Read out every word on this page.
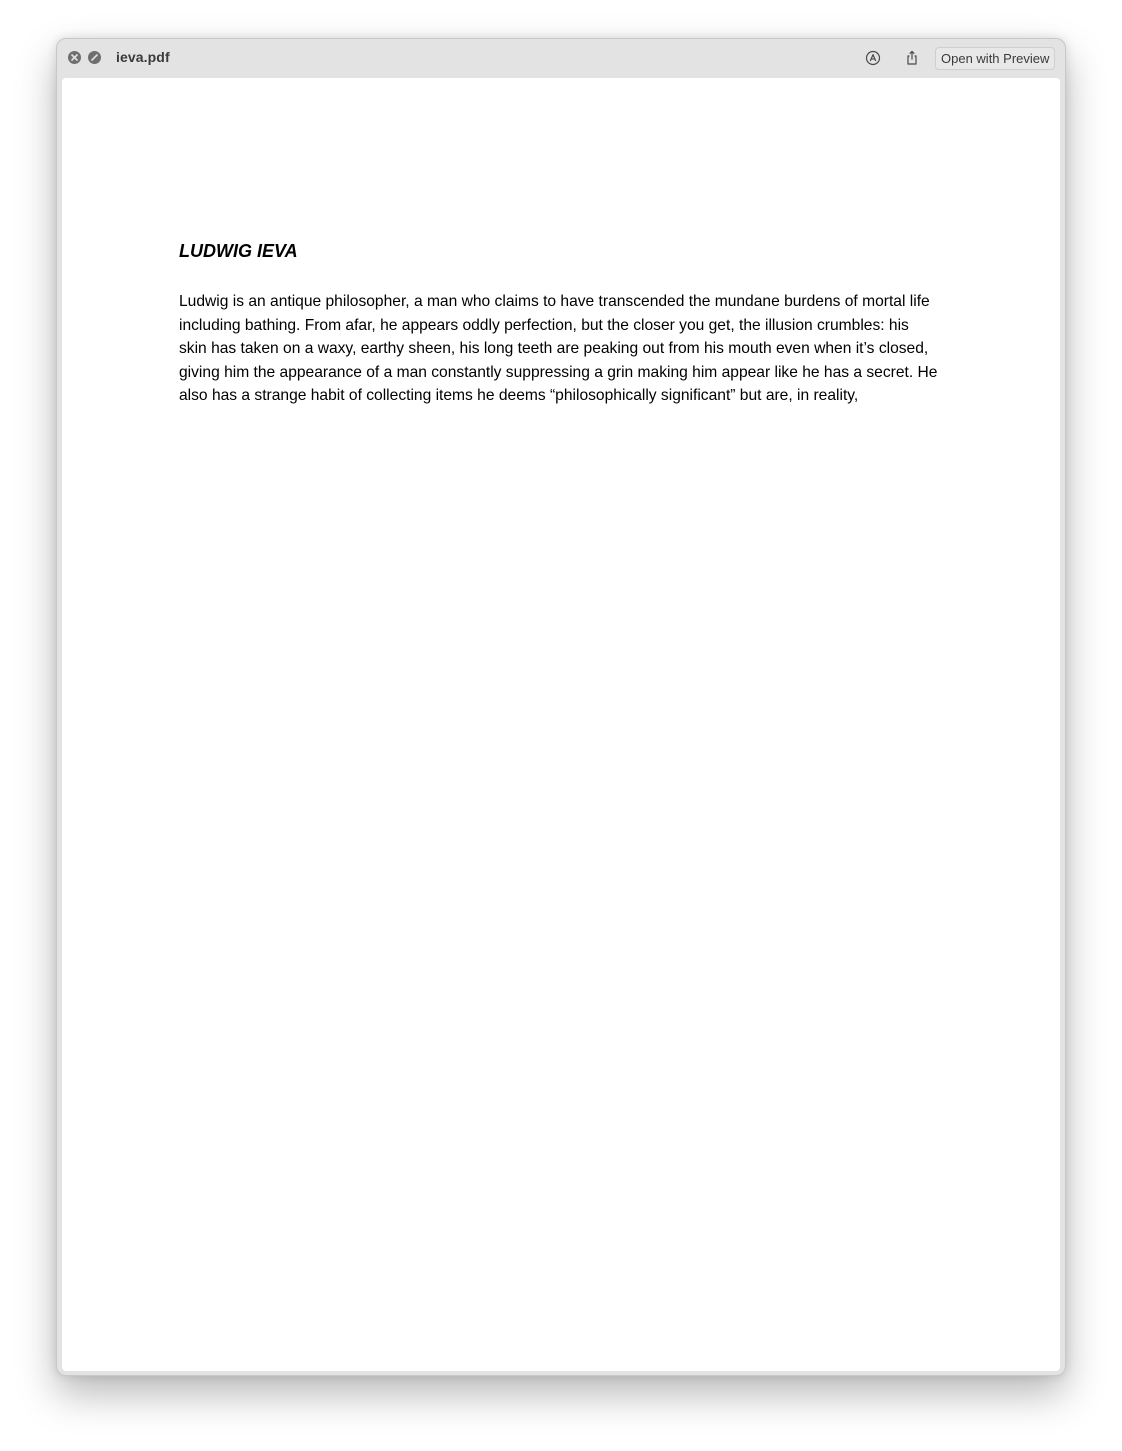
ieva.pdf	Open with Preview
LUDWIG IEVA

Ludwig is an antique philosopher, a man who claims to have transcended the mundane burdens of mortal life including bathing. From afar, he appears oddly perfection, but the closer you get, the illusion crumbles: his skin has taken on a waxy, earthy sheen, his long teeth are peaking out from his mouth even when it’s closed, giving him the appearance of a man constantly suppressing a grin making him appear like he has a secret. He also has a strange habit of collecting items he deems “philosophically significant” but are, in reality,
